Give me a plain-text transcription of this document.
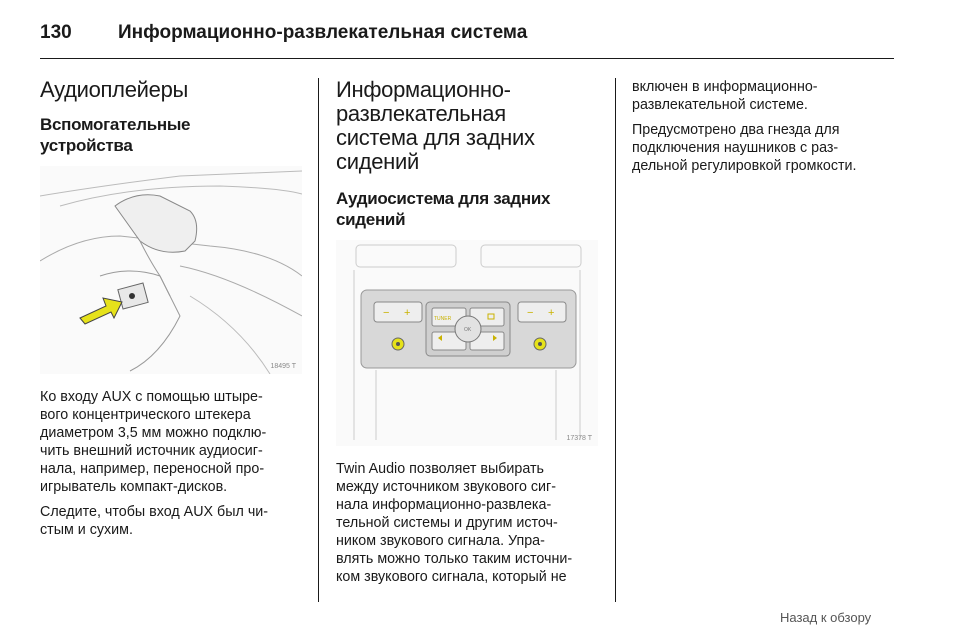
130 Информационно-развлекательная система
Аудиоплейеры
Вспомогательные
устройства
18495 T

Ко входу AUX с помощью штыре-
вого концентрического штекера
диаметром 3,5 мм можно подклю-
чить внешний источник аудиосиг-
нала, например, переносной про-
игрыватель компакт-дисков.

Следите, чтобы вход AUX был чи-
стым и сухим.

Информационно-
развлекательная
система для задних
сидений
Аудиосистема для задних
сидений
− +	− +
TUNER
OK
17378 T

Twin Audio позволяет выбирать
между источником звукового сиг-
нала информационно-развлека-
тельной системы и другим источ-
ником звукового сигнала. Упра-
влять можно только таким источни-
ком звукового сигнала, который не

включен в информационно-
развлекательной системе.

Предусмотрено два гнезда для
подключения наушников с раз-
дельной регулировкой громкости.

Назад к обзору
